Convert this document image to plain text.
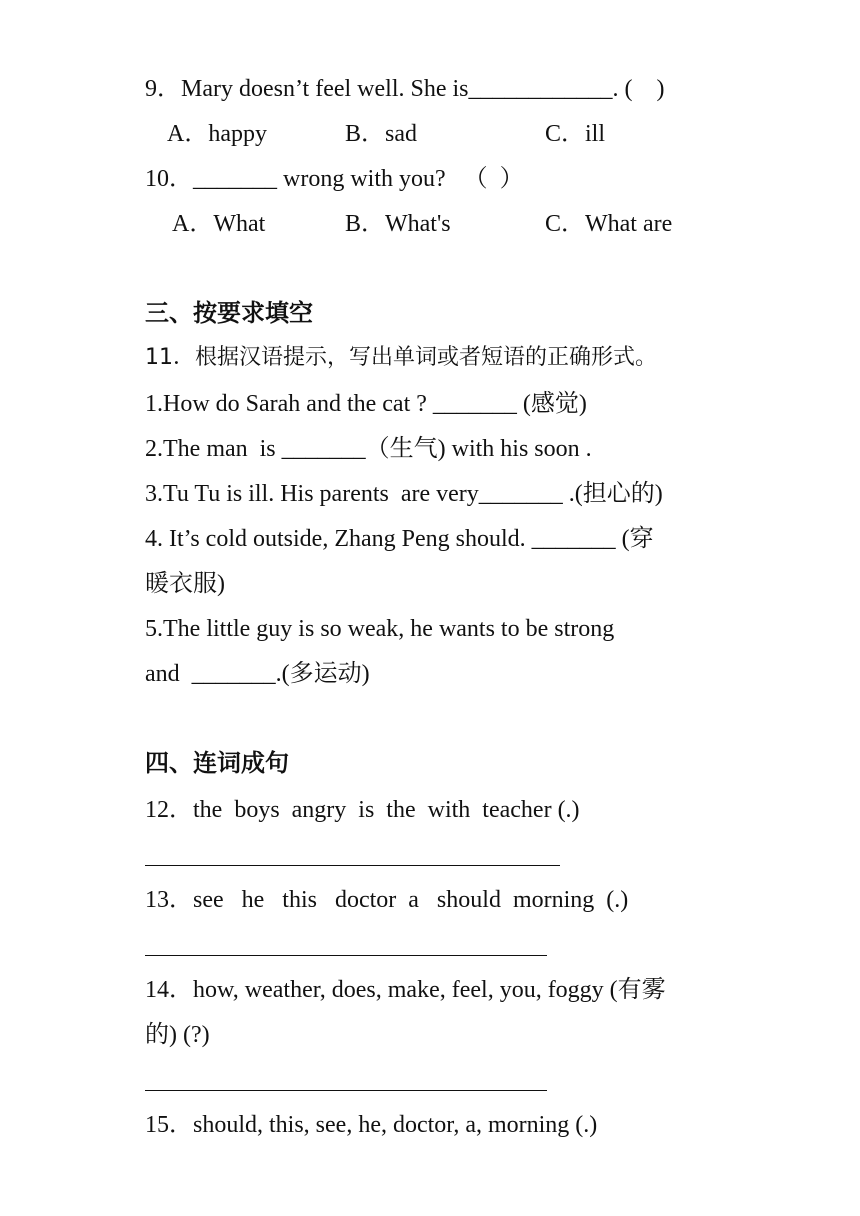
9．Mary doesn’t feel well. She is____________. (    )
A．happy	B．sad	C．ill
10．_______ wrong with you?   （  ）
A．What	B．What's	C．What are
三、按要求填空
11．根据汉语提示，写出单词或者短语的正确形式。
1.How do Sarah and the cat ? _______ (感觉)
2.The man  is _______（生气) with his soon .
3.Tu Tu is ill. His parents  are very_______ .(担心的)
4. It’s cold outside, Zhang Peng should. _______ (穿
暖衣服)
5.The little guy is so weak, he wants to be strong
and  _______.(多运动)
四、连词成句
12．the  boys  angry  is  the  with  teacher (.)
13．see   he   this   doctor  a   should  morning  (.)
14．how, weather, does, make, feel, you, foggy (有雾
的) (?)
15．should, this, see, he, doctor, a, morning (.)
